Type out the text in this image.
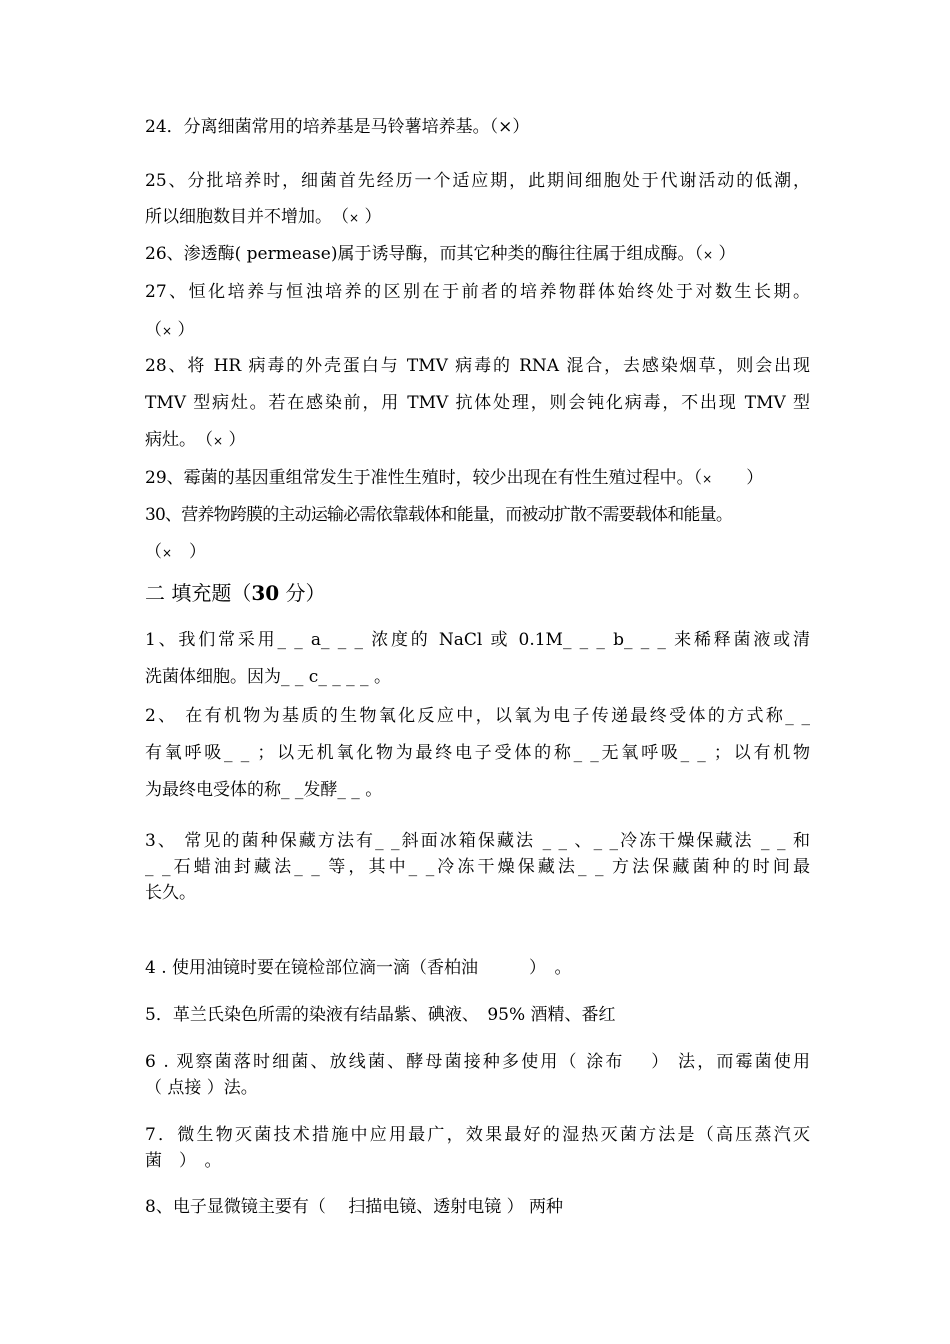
24．分离细菌常用的培养基是马铃薯培养基。（×）
25、分批培养时，细菌首先经历一个适应期，此期间细胞处于代谢活动的低潮，
所以细胞数目并不增加。　（× ）
26、渗透酶( permease)属于诱导酶，而其它种类的酶往往属于组成酶。（× ）
27、恒化培养与恒浊培养的区别在于前者的培养物群体始终处于对数生长期。
（× ）
28、将 HR 病毒的外壳蛋白与 TMV 病毒的 RNA 混合，去感染烟草，则会出现
TMV 型病灶。若在感染前，用 TMV 抗体处理，则会钝化病毒，不出现 TMV 型
病灶。　（× ）
29、霉菌的基因重组常发生于准性生殖时，较少出现在有性生殖过程中。（×　　）
30、营养物跨膜的主动运输必需依靠载体和能量，而被动扩散不需要载体和能量。
（×　）
二 填充题（30 分）
1、我们常采用_ _ a_ _ _ 浓度的 NaCl 或 0.1M_ _ _ b_ _ _ 来稀释菌液或清
洗菌体细胞。因为_ _ c_ _ _ _ 。
2、 在有机物为基质的生物氧化反应中，以氧为电子传递最终受体的方式称_ _
有氧呼吸_ _ ；以无机氧化物为最终电子受体的称_ _无氧呼吸_ _ ；以有机物
为最终电受体的称_ _发酵_ _ 。
3、 常见的菌种保藏方法有_ _斜面冰箱保藏法 _ _ 、_ _冷冻干燥保藏法 _ _ 和
_ _石蜡油封藏法_ _ 等，其中_ _冷冻干燥保藏法_ _ 方法保藏菌种的时间最
长久。
4 . 使用油镜时要在镜检部位滴一滴（香柏油　　　）　。
5．革兰氏染色所需的染液有结晶紫、碘液、　95% 酒精、番红
6 . 观察菌落时细菌、放线菌、酵母菌接种多使用（ 涂布　 ） 法，而霉菌使用
（ 点接 ）法。
7．微生物灭菌技术措施中应用最广，效果最好的湿热灭菌方法是（高压蒸汽灭
菌　）　。
8、电子显微镜主要有（　 扫描电镜、透射电镜 ） 两种
